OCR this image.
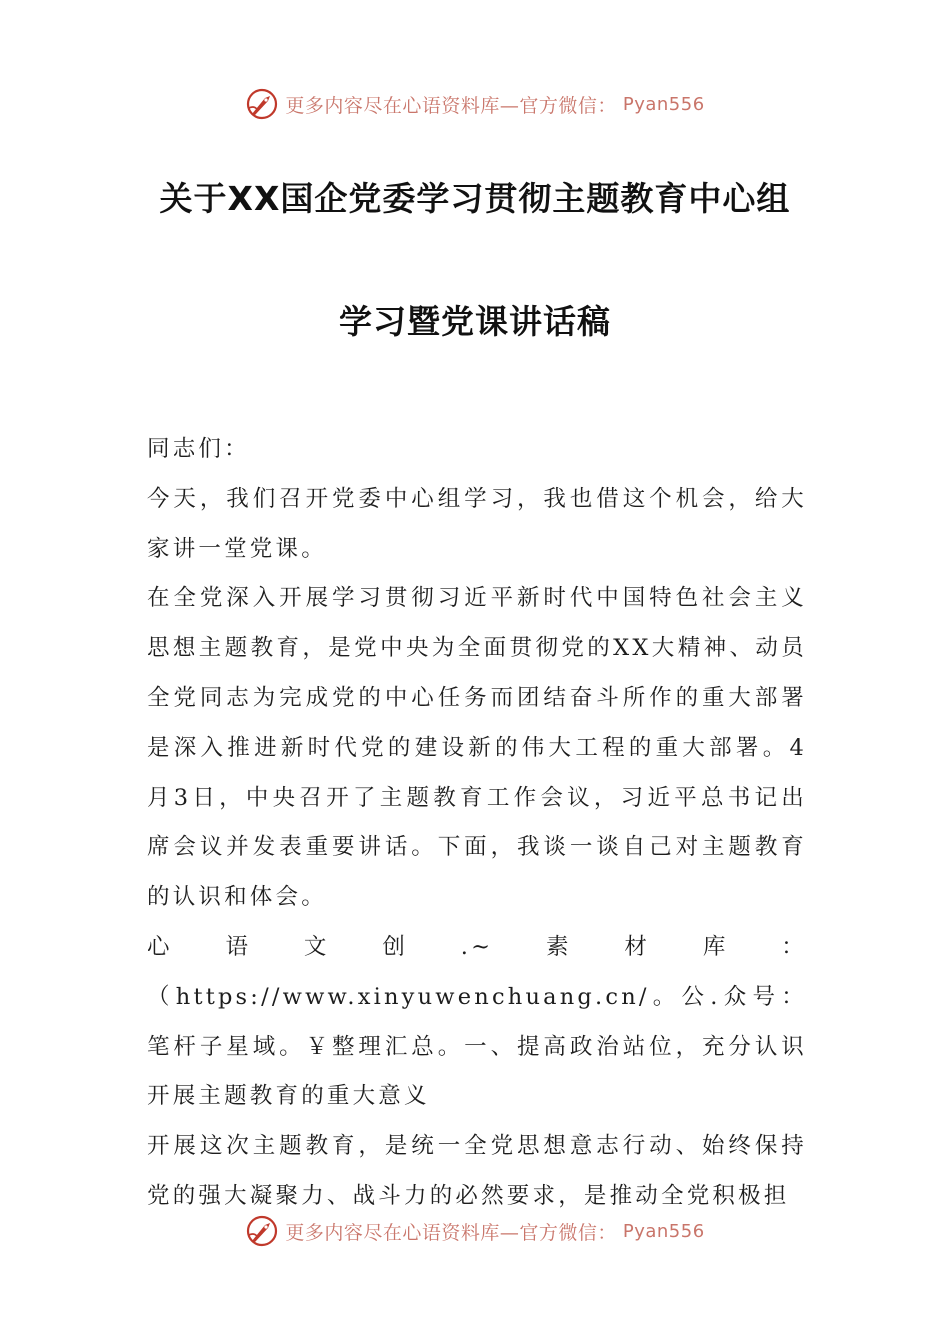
更多内容尽在心语资料库—官方微信： Pyan556
关于XX国企党委学习贯彻主题教育中心组
学习暨党课讲话稿

同志们：

今天，我们召开党委中心组学习，我也借这个机会，给大家讲一堂党课。

在全党深入开展学习贯彻习近平新时代中国特色社会主义思想主题教育，是党中央为全面贯彻党的XX大精神、动员全党同志为完成党的中心任务而团结奋斗所作的重大部署是深入推进新时代党的建设新的伟大工程的重大部署。4月3日，中央召开了主题教育工作会议，习近平总书记出席会议并发表重要讲话。下面，我谈一谈自己对主题教育的认识和体会。

心语文创.~素材库：（https://www.xinyuwenchuang.cn/。公.众号：笔杆子星域。￥整理汇总。一、提高政治站位，充分认识开展主题教育的重大意义

开展这次主题教育，是统一全党思想意志行动、始终保持党的强大凝聚力、战斗力的必然要求，是推动全党积极担

更多内容尽在心语资料库—官方微信： Pyan556
